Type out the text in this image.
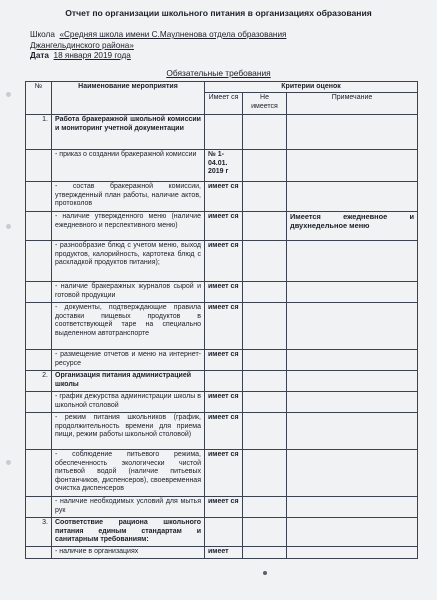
Отчет по организации школьного питания в организациях образования
Школа «Средняя школа имени С.Маулненова отдела образования
Джангельдинского района»
Дата 18 января 2019 года
Обязательные требования
№	Наименование мероприятия	Критерии оценок		
		Имеет ся	Не имеется	Примечание
1.	Работа бракеражной школьной комиссии и мониторинг учетной документации			
	- приказ о создании бракеражной комиссии	№ 1- 04.01. 2019 г		
	- состав бракеражной комиссии, утвержденный план работы, наличие актов, протоколов	имеет ся		
	- наличие утвержденного меню (наличие ежедневного и перспективного меню)	имеет ся		Имеется ежедневное и двухнедельное меню
	- разнообразие блюд с учетом меню, выход продуктов, калорийность, картотека блюд с раскладкой продуктов питания);	имеет ся		
	- наличие бракеражных журналов сырой и готовой продукции	имеет ся		
	- документы, подтверждающие правила доставки пищевых продуктов в соответствующей таре на специально выделенном автотранспорте	имеет ся		
	- размещение отчетов и меню на интернет-ресурсе	имеет ся		
2.	Организация питания администрацией школы			
	- график дежурства администрации школы в школьной столовой	имеет ся		
	- режим питания школьников (график, продолжительность времени для приема пищи, режим работы школьной столовой)	имеет ся		
	- соблюдение питьевого режима, обеспеченность экологически чистой питьевой водой (наличие питьевых фонтанчиков, диспенсеров), своевременная очистка диспенсеров	имеет ся		
	- наличие необходимых условий для мытья рук	имеет ся		
3.	Соответствие рациона школьного питания единым стандартам и санитарным требованиям:			
	- наличие в организациях	имеет		
